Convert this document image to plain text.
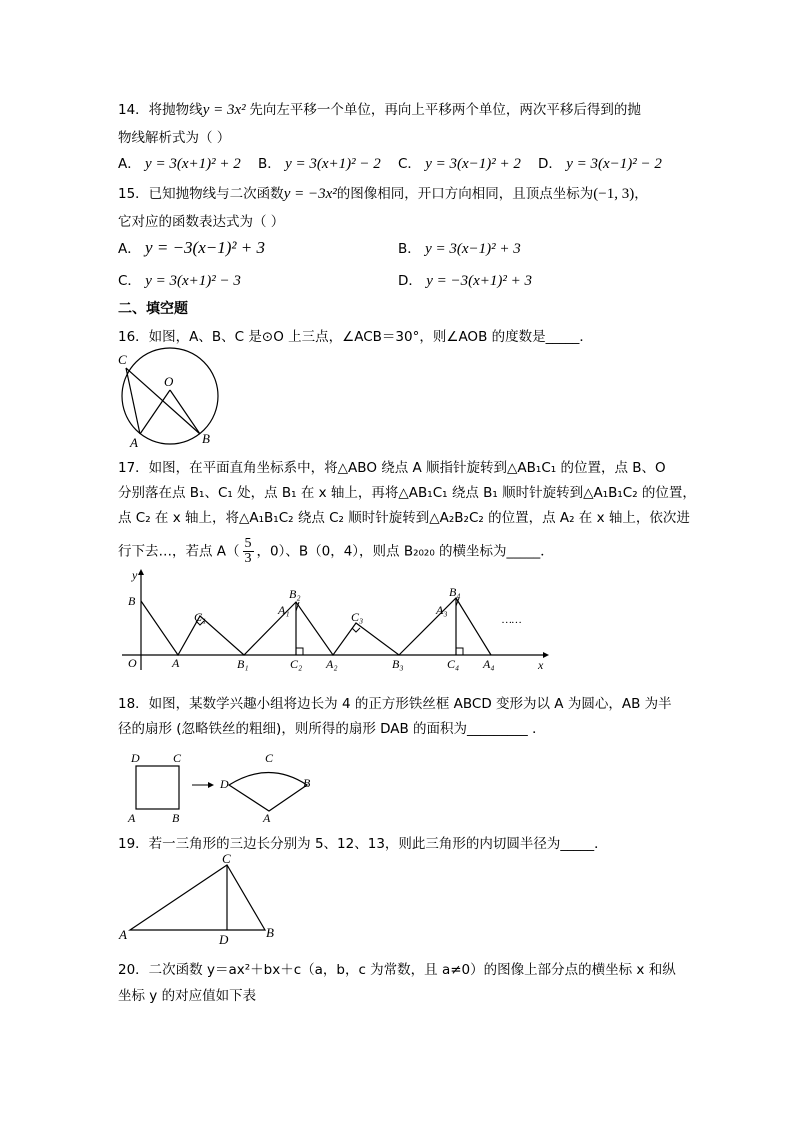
14．将抛物线y = 3x² 先向左平移一个单位，再向上平移两个单位，两次平移后得到的抛
物线解析式为（ ）
A． y = 3(x+1)² + 2 B． y = 3(x+1)² − 2 C． y = 3(x−1)² + 2 D． y = 3(x−1)² − 2
15．已知抛物线与二次函数y = −3x²的图像相同，开口方向相同，且顶点坐标为(−1, 3)，
它对应的函数表达式为（ ）
A． y = −3(x−1)² + 3	B． y = 3(x−1)² + 3
C． y = 3(x+1)² − 3	D． y = −3(x+1)² + 3
二、填空题
16．如图，A、B、C 是⊙O 上三点，∠ACB＝30°，则∠AOB 的度数是_____．
C
O
A	B
17．如图，在平面直角坐标系中，将△ABO 绕点 A 顺指针旋转到△AB₁C₁ 的位置，点 B、O
分别落在点 B₁、C₁ 处，点 B₁ 在 x 轴上，再将△AB₁C₁ 绕点 B₁ 顺时针旋转到△A₁B₁C₂ 的位置，
点 C₂ 在 x 轴上，将△A₁B₁C₂ 绕点 C₂ 顺时针旋转到△A₂B₂C₂ 的位置，点 A₂ 在 x 轴上，依次进
行下去…，若点 $A( \frac{5}{3}$ ，0）、B（0，4），则点 B₂₀₂₀ 的横坐标为_____．
y
x
O
B
A
C₁
B₁
B₂
A₁
C₂ A₂
C₃
B₃
A₃
B₄
C₄ A₄
……
18．如图，某数学兴趣小组将边长为 4 的正方形铁丝框 ABCD 变形为以 A 为圆心，AB 为半
径的扇形 (忽略铁丝的粗细)，则所得的扇形 DAB 的面积为_________ ．
D	C
A	B
D
C
B
A
19．若一三角形的三边长分别为 5、12、13，则此三角形的内切圆半径为_____．
C
A	D	B
20．二次函数 y＝ax²＋bx＋c（a，b，c 为常数，且 a≠0）的图像上部分点的横坐标 x 和纵
坐标 y 的对应值如下表
